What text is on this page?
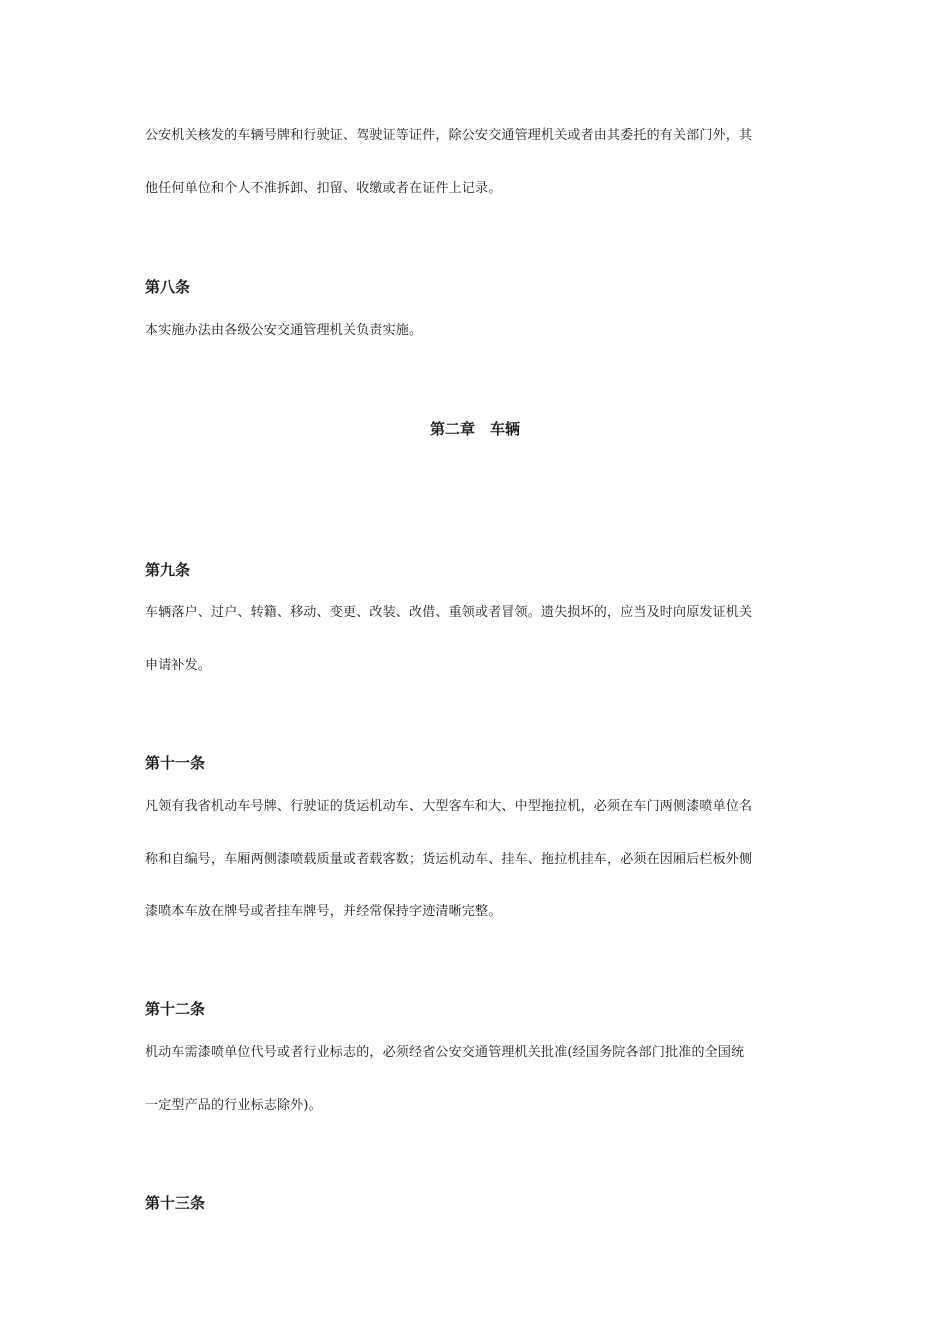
公安机关核发的车辆号牌和行驶证、驾驶证等证件，除公安交通管理机关或者由其委托的有关部门外，其
他任何单位和个人不准拆卸、扣留、收缴或者在证件上记录。
第八条
本实施办法由各级公安交通管理机关负责实施。
第二章　车辆
第九条
车辆落户、过户、转籍、移动、变更、改装、改借、重领或者冒领。遗失损坏的，应当及时向原发证机关
申请补发。
第十一条
凡领有我省机动车号牌、行驶证的货运机动车、大型客车和大、中型拖拉机，必须在车门两侧漆喷单位名
称和自编号，车厢两侧漆喷载质量或者载客数；货运机动车、挂车、拖拉机挂车，必须在因厢后栏板外侧
漆喷本车放在牌号或者挂车牌号，并经常保持字迹清晰完整。
第十二条
机动车需漆喷单位代号或者行业标志的，必须经省公安交通管理机关批准(经国务院各部门批准的全国统
一定型产品的行业标志除外)。
第十三条
